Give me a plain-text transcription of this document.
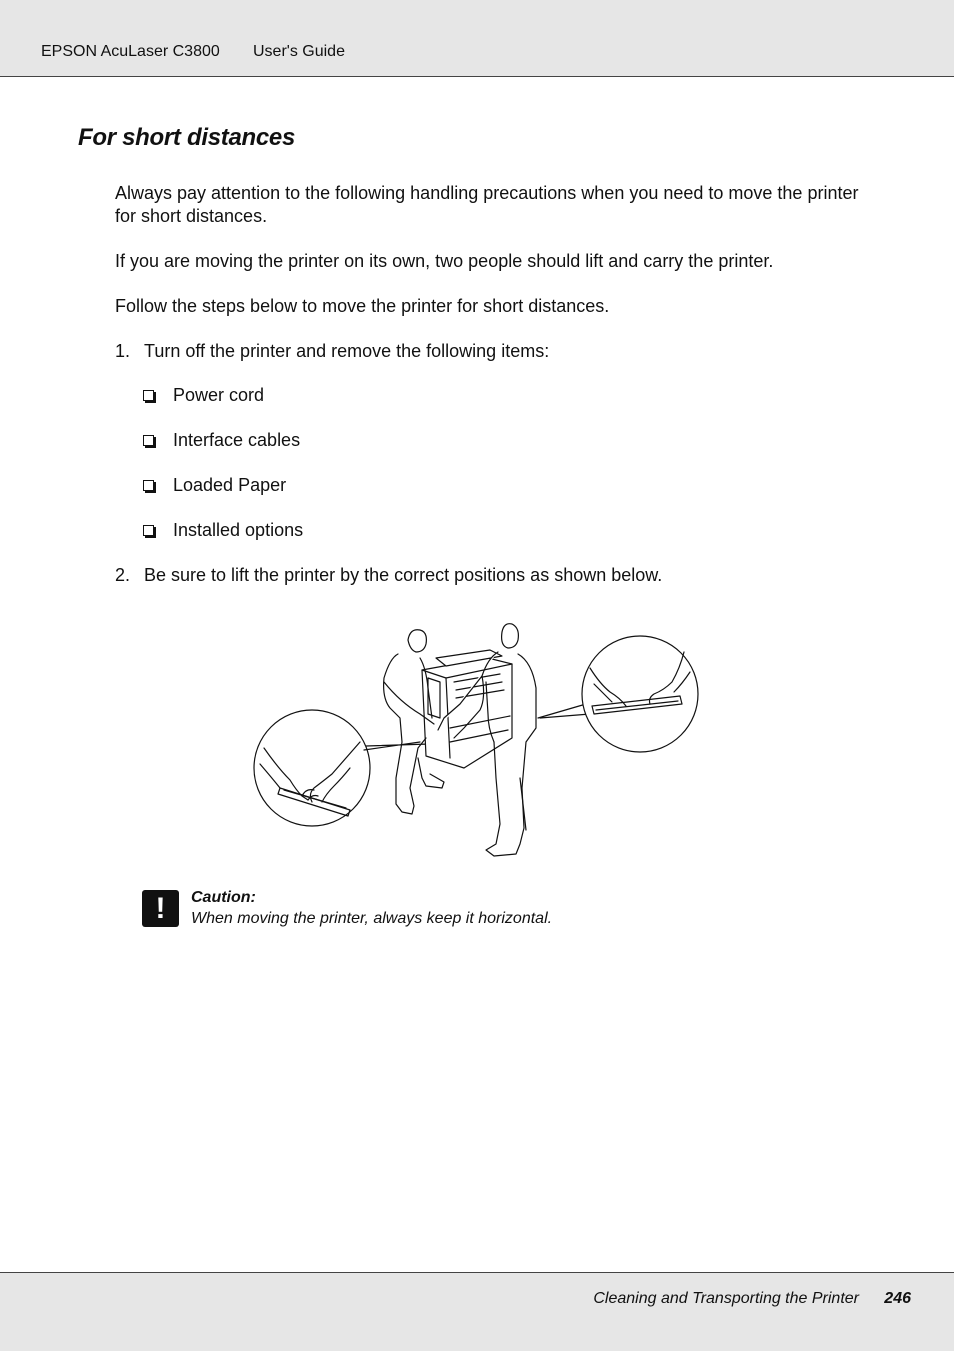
EPSON AcuLaser C3800 User's Guide
For short distances

Always pay attention to the following handling precautions when you need to move the printer for short distances.

If you are moving the printer on its own, two people should lift and carry the printer.

Follow the steps below to move the printer for short distances.

1. Turn off the printer and remove the following items:
Power cord
Interface cables
Loaded Paper
Installed options
2. Be sure to lift the printer by the correct positions as shown below.
!	Caution:
When moving the printer, always keep it horizontal.
Cleaning and Transporting the Printer 246
